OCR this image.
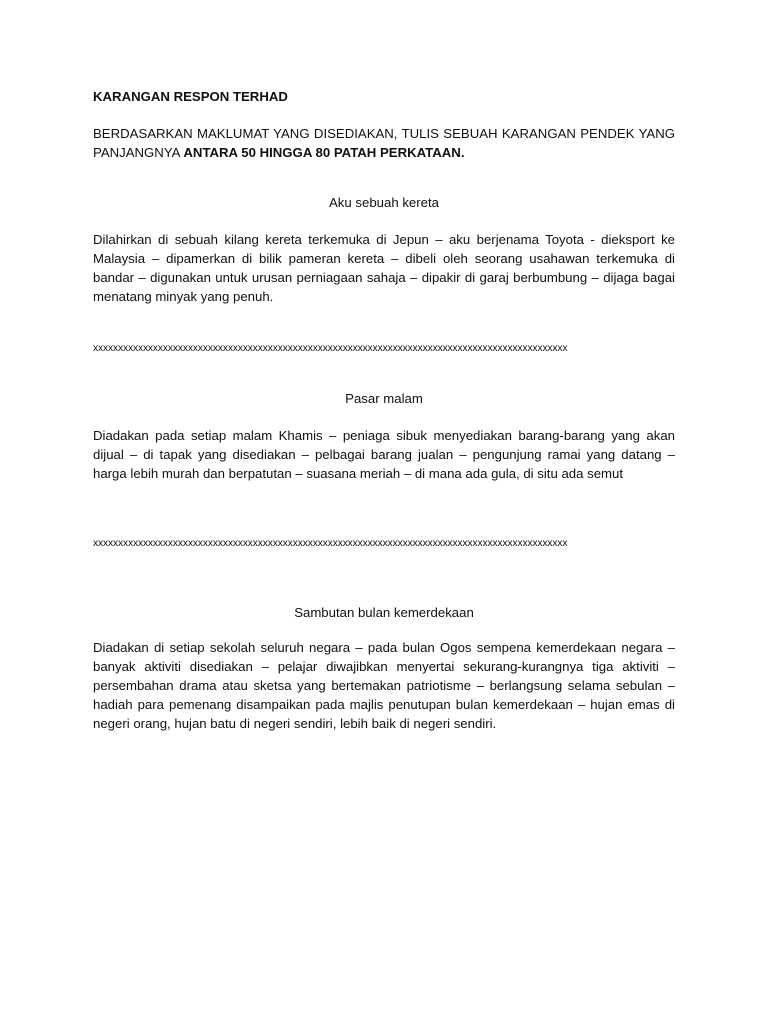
KARANGAN RESPON TERHAD

BERDASARKAN MAKLUMAT YANG DISEDIAKAN, TULIS SEBUAH KARANGAN PENDEK YANG PANJANGNYA ANTARA 50 HINGGA 80 PATAH PERKATAAN.

Aku sebuah kereta

Dilahirkan di sebuah kilang kereta terkemuka di Jepun – aku berjenama Toyota - dieksport ke Malaysia – dipamerkan di bilik pameran kereta – dibeli oleh seorang usahawan terkemuka di bandar – digunakan untuk urusan perniagaan sahaja – dipakir di garaj berbumbung – dijaga bagai menatang minyak yang penuh.

xxxxxxxxxxxxxxxxxxxxxxxxxxxxxxxxxxxxxxxxxxxxxxxxxxxxxxxxxxxxxxxxxxxxxxxxxxxxxxxxxxxxxxxxxxxxxxx

Pasar malam

Diadakan pada setiap malam Khamis – peniaga sibuk menyediakan barang-barang yang akan dijual – di tapak yang disediakan – pelbagai barang jualan – pengunjung ramai yang datang – harga lebih murah dan berpatutan – suasana meriah – di mana ada gula, di situ ada semut

xxxxxxxxxxxxxxxxxxxxxxxxxxxxxxxxxxxxxxxxxxxxxxxxxxxxxxxxxxxxxxxxxxxxxxxxxxxxxxxxxxxxxxxxxxxxxxx

Sambutan bulan kemerdekaan

Diadakan di setiap sekolah seluruh negara – pada bulan Ogos sempena kemerdekaan negara – banyak aktiviti disediakan – pelajar diwajibkan menyertai sekurang-kurangnya tiga aktiviti – persembahan drama atau sketsa yang bertemakan patriotisme – berlangsung selama sebulan – hadiah para pemenang disampaikan pada majlis penutupan bulan kemerdekaan – hujan emas di negeri orang, hujan batu di negeri sendiri, lebih baik di negeri sendiri.
